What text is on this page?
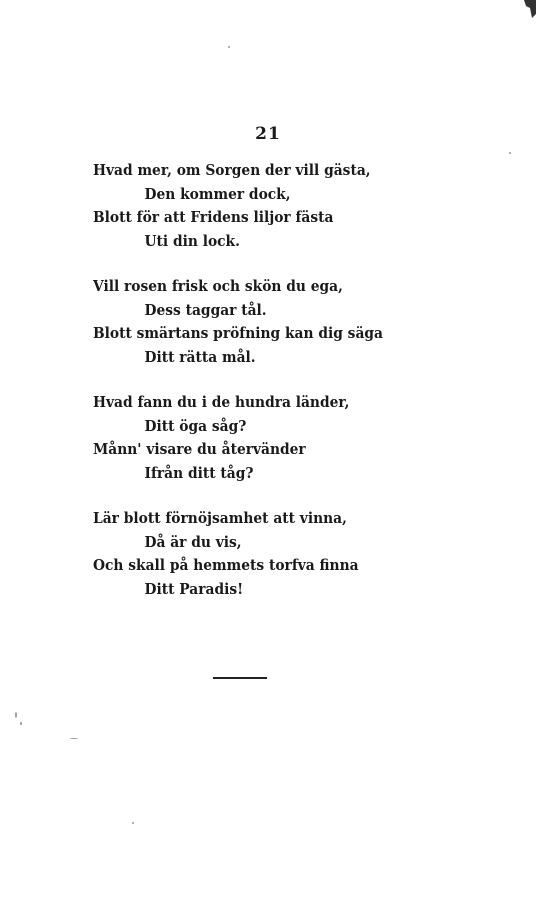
21
Hvad mer, om Sorgen der vill gästa,
Den kommer dock,
Blott för att Fridens liljor fästa
Uti din lock.
Vill rosen frisk och skön du ega,
Dess taggar tål.
Blott smärtans pröfning kan dig säga
Ditt rätta mål.
Hvad fann du i de hundra länder,
Ditt öga såg?
Månn' visare du återvänder
Ifrån ditt tåg?
Lär blott förnöjsamhet att vinna,
Då är du vis,
Och skall på hemmets torfva finna
Ditt Paradis!
